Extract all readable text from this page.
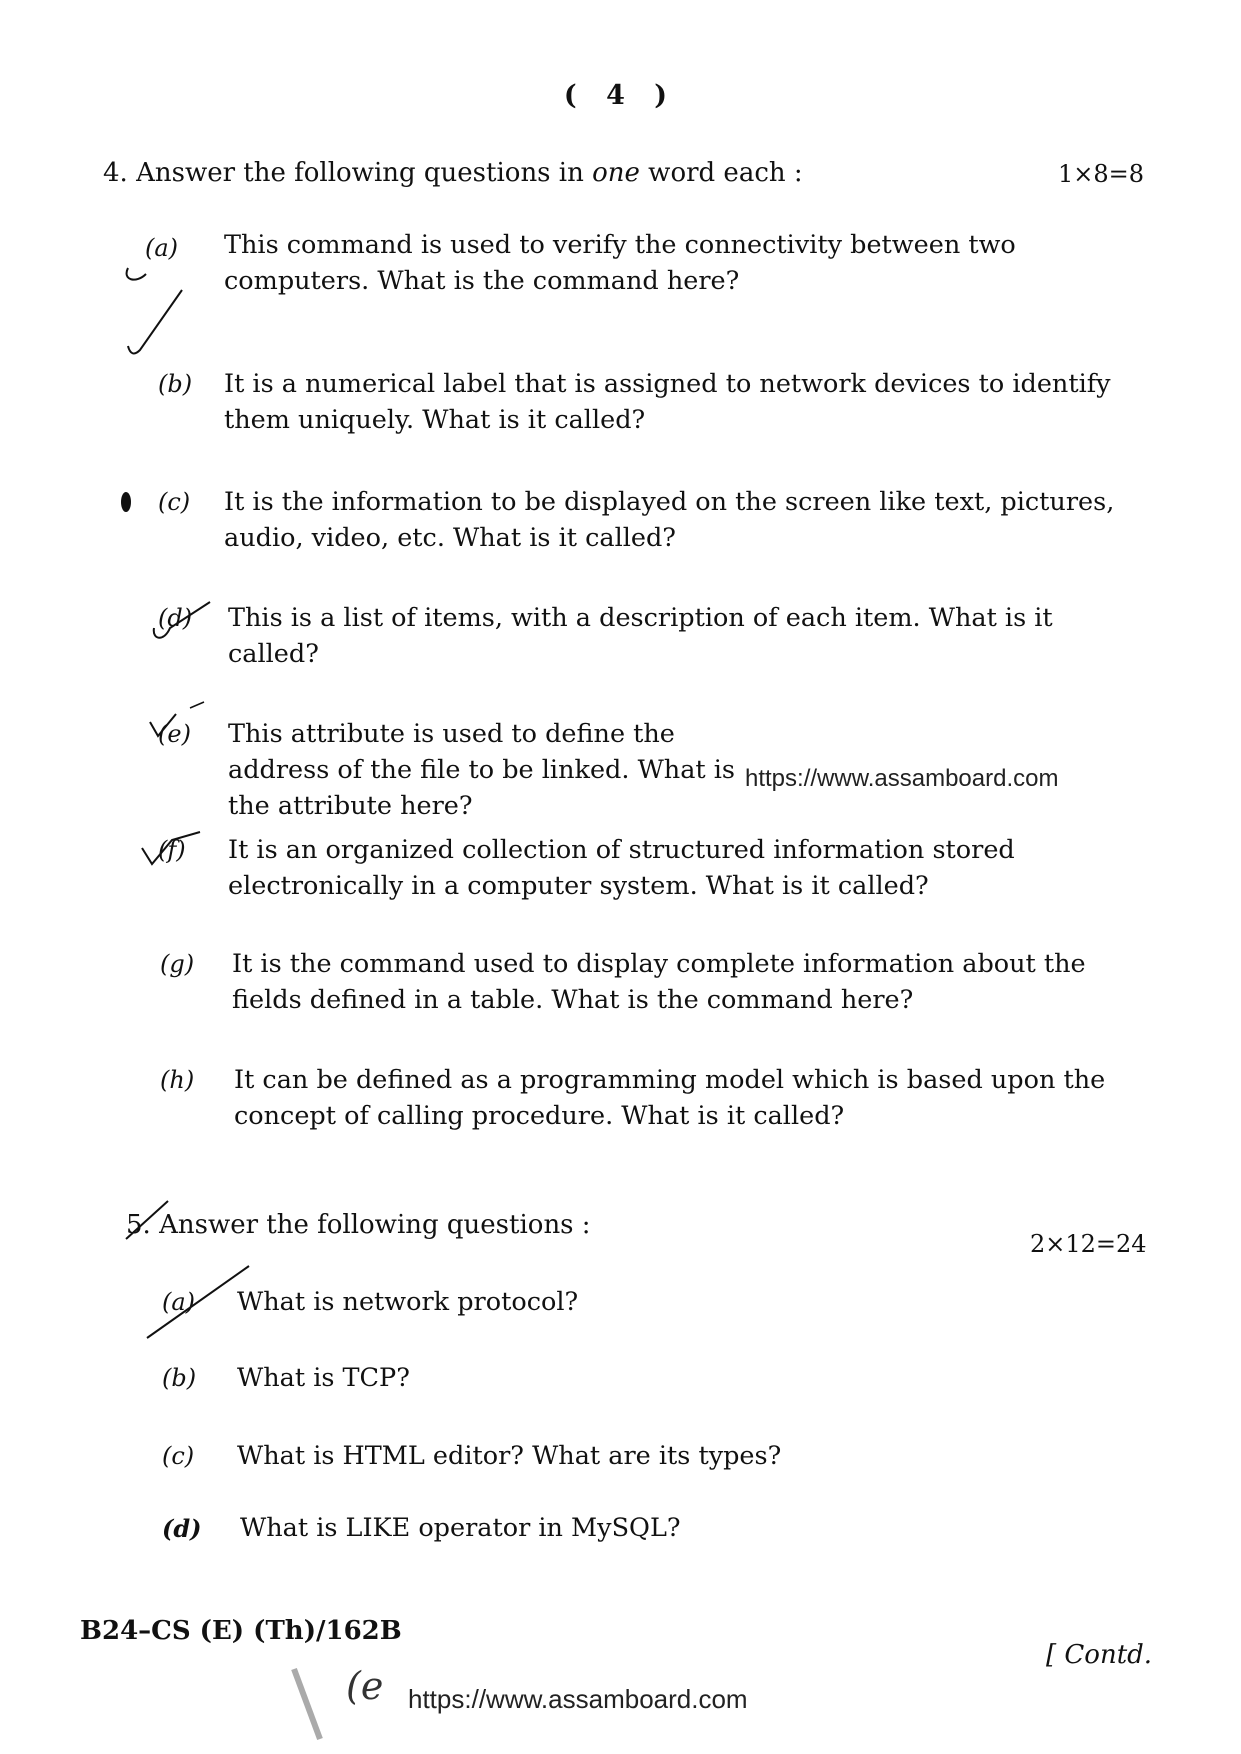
( 4 )
4. Answer the following questions in one word each :	1×8=8
(a) This command is used to verify the connectivity between two computers. What is the command here?
(b) It is a numerical label that is assigned to network devices to identify them uniquely. What is it called?
(c) It is the information to be displayed on the screen like text, pictures, audio, video, etc. What is it called?
(d) This is a list of items, with a description of each item. What is it called?
(e) This attribute is used to define the address of the file to be linked. What is the attribute here?
https://www.assamboard.com
(f) It is an organized collection of structured information stored electronically in a computer system. What is it called?
(g) It is the command used to display complete information about the fields defined in a table. What is the command here?
(h) It can be defined as a programming model which is based upon the concept of calling procedure. What is it called?
5. Answer the following questions :
2×12=24
(a) What is network protocol?
(b) What is TCP?
(c) What is HTML editor? What are its types?
(d) What is LIKE operator in MySQL?
B24–CS (E) (Th)/162B
[ Contd.
(e https://www.assamboard.com
